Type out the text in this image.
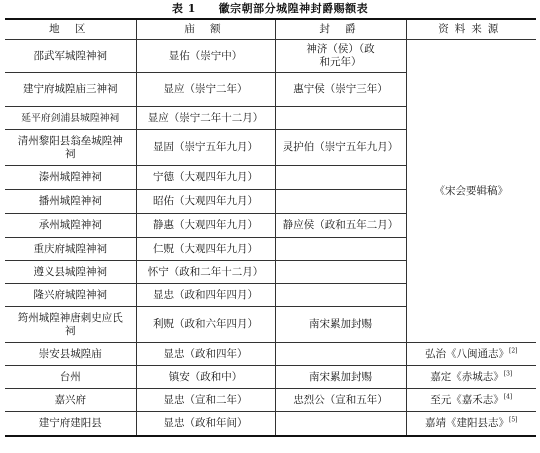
表 1 徽宗朝部分城隍神封爵赐额表
地 区	庙 额	封 爵	资料来源
邵武军城隍神祠	显佑（崇宁中）	神济（侯）（政和元年）	《宋会要辑稿》
建宁府城隍庙三神祠	显应（崇宁二年）	惠宁侯（崇宁三年）	
延平府剑浦县城隍神祠	显应（崇宁二年十二月）		
清州黎阳县翁垒城隍神祠	显固（崇宁五年九月）	灵护伯（崇宁五年九月）	
溱州城隍神祠	宁德（大观四年九月）		
播州城隍神祠	昭佑（大观四年九月）		
承州城隍神祠	静惠（大观四年九月）	静应侯（政和五年二月）	
重庆府城隍神祠	仁贶（大观四年九月）		
遵义县城隍神祠	怀宁（政和二年十二月）		
隆兴府城隍神祠	显忠（政和四年四月）		
筠州城隍神唐刺史应氏祠	利贶（政和六年四月）	南宋累加封赐	
崇安县城隍庙	显忠（政和四年）		弘治《八闽通志》[2]
台州	镇安（政和中）	南宋累加封赐	嘉定《赤城志》[3]
嘉兴府	显忠（宣和二年）	忠烈公（宣和五年）	至元《嘉禾志》[4]
建宁府建阳县	显忠（政和年间）		嘉靖《建阳县志》[5]
